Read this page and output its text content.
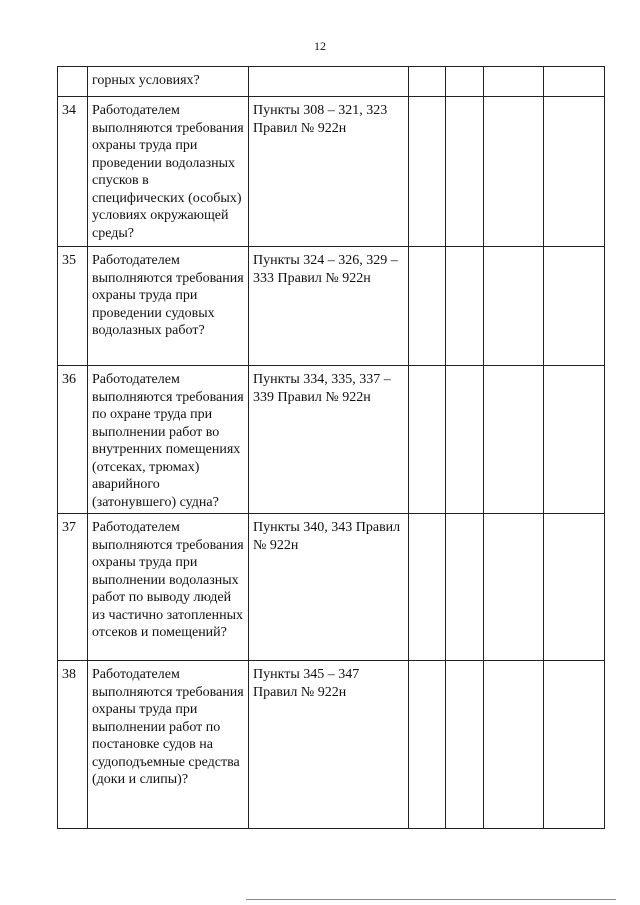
12
	горных условиях?					
34	Работодателем выполняются требования охраны труда при проведении водолазных спусков в специфических (особых) условиях окружающей среды?	Пункты 308 – 321, 323 Правил № 922н				
35	Работодателем выполняются требования охраны труда при проведении судовых водолазных работ?	Пункты 324 – 326, 329 – 333 Правил № 922н				
36	Работодателем выполняются требования по охране труда при выполнении работ во внутренних помещениях (отсеках, трюмах) аварийного (затонувшего) судна?	Пункты 334, 335, 337 – 339 Правил № 922н				
37	Работодателем выполняются требования охраны труда при выполнении водолазных работ по выводу людей из частично затопленных отсеков и помещений?	Пункты 340, 343 Правил № 922н				
38	Работодателем выполняются требования охраны труда при выполнении работ по постановке судов на судоподъемные средства (доки и слипы)?	Пункты 345 – 347 Правил № 922н				
